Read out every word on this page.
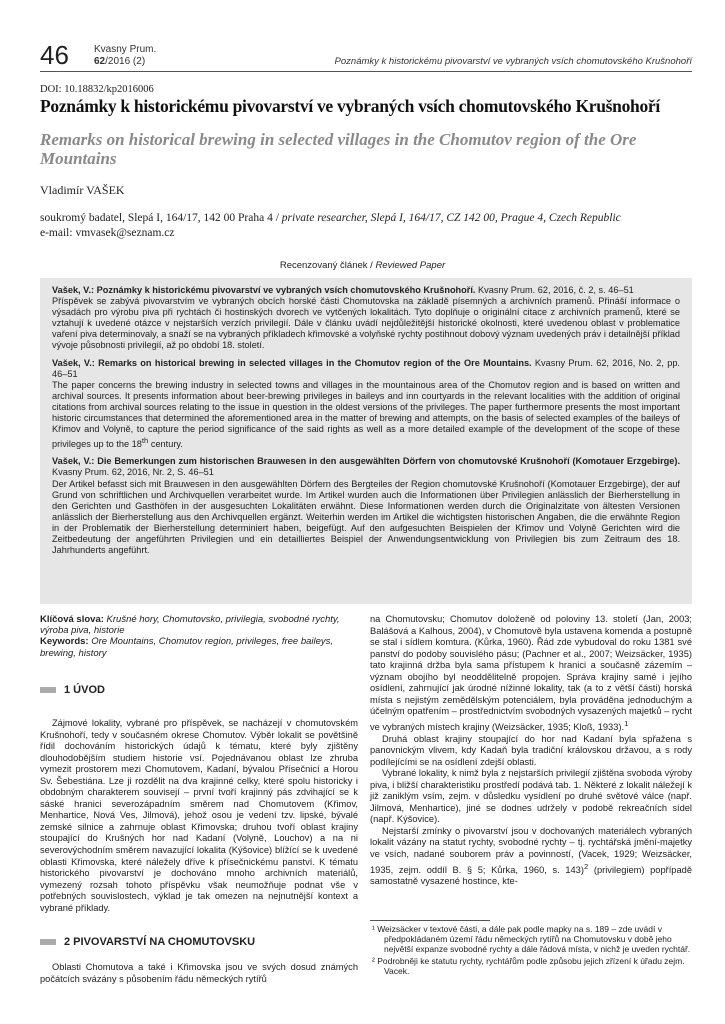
46	Kvasny Prum.
62/2016 (2)	Poznámky k historickému pivovarství ve vybraných vsích chomutovského Krušnohoří
DOI: 10.18832/kp2016006
Poznámky k historickému pivovarství ve vybraných vsích chomutovského Krušnohoří
Remarks on historical brewing in selected villages in the Chomutov region of the Ore Mountains
Vladimír VAŠEK
soukromý badatel, Slepá I, 164/17, 142 00 Praha 4 / private researcher, Slepá I, 164/17, CZ 142 00, Prague 4, Czech Republic
e-mail: vmvasek@seznam.cz
Recenzovaný článek / Reviewed Paper

Vašek, V.: Poznámky k historickému pivovarství ve vybraných vsích chomutovského Krušnohoří. Kvasny Prum. 62, 2016, č. 2, s. 46–51
Příspěvek se zabývá pivovarstvím ve vybraných obcích horské části Chomutovska na základě písemných a archivních pramenů. Přináší informace o výsadách pro výrobu piva při rychtách či hostinských dvorech ve vytčených lokalitách. Tyto doplňuje o originální citace z archivních pramenů, které se vztahují k uvedené otázce v nejstarších verzích privilegií. Dále v článku uvádí nejdůležitější historické okolnosti, které uvedenou oblast v problematice vaření piva determinovaly, a snaží se na vybraných příkladech křimovské a volyňské rychty postihnout dobový význam uvedených práv i detailnější příklad vývoje působnosti privilegií, až po období 18. století.

Vašek, V.: Remarks on historical brewing in selected villages in the Chomutov region of the Ore Mountains. Kvasny Prum. 62, 2016, No. 2, pp. 46–51
The paper concerns the brewing industry in selected towns and villages in the mountainous area of the Chomutov region and is based on written and archival sources. It presents information about beer-brewing privileges in baileys and inn courtyards in the relevant localities with the addition of original citations from archival sources relating to the issue in question in the oldest versions of the privileges. The paper furthermore presents the most important historic circumstances that determined the aforementioned area in the matter of brewing and attempts, on the basis of selected examples of the baileys of Křimov and Volyně, to capture the period significance of the said rights as well as a more detailed example of the development of the scope of these privileges up to the 18th century.

Vašek, V.: Die Bemerkungen zum historischen Brauwesen in den ausgewählten Dörfern von chomutovské Krušnohoří (Komotauer Erzgebirge). Kvasny Prum. 62, 2016, Nr. 2, S. 46–51
Der Artikel befasst sich mit Brauwesen in den ausgewählten Dörfern des Bergteiles der Region chomutovské Krušnohoří (Komotauer Erzgebirge), der auf Grund von schriftlichen und Archivquellen verarbeitet wurde. Im Artikel wurden auch die Informationen über Privilegien anlässlich der Bierherstellung in den Gerichten und Gasthöfen in der ausgesuchten Lokalitäten erwähnt. Diese Informationen werden durch die Originalzitate von ältesten Versionen anlässlich der Bierherstellung aus den Archivquellen ergänzt. Weiterhin werden im Artikel die wichtigsten historischen Angaben, die die erwähnte Region in der Problematik der Bierherstellung determiniert haben, beigefügt. Auf den aufgesuchten Beispielen der Křimov und Volyně Gerichten wird die Zeitbedeutung der angeführten Privilegien und ein detailliertes Beispiel der Anwendungsentwicklung von Privilegien bis zum Zeitraum des 18. Jahrhunderts angeführt.

Klíčová slova: Krušné hory, Chomutovsko, privilegia, svobodné rychty, výroba piva, historie
Keywords: Ore Mountains, Chomutov region, privileges, free baileys, brewing, history
1 ÚVOD

Zájmové lokality, vybrané pro příspěvek, se nacházejí v chomutovském Krušnohoří, tedy v současném okrese Chomutov. Výběr lokalit se povětšině řídil dochováním historických údajů k tématu, které byly zjištěny dlouhodobějším studiem historie vsí. Pojednávanou oblast lze zhruba vymezit prostorem mezi Chomutovem, Kadaní, bývalou Přísečnicí a Horou Sv. Šebestiána. Lze ji rozdělit na dva krajinné celky, které spolu historicky i obdobným charakterem souvisejí – první tvoří krajinný pás zdvihající se k sáské hranici severozápadním směrem nad Chomutovem (Křimov, Menhartice, Nová Ves, Jilmová), jehož osou je vedení tzv. lipské, bývalé zemské silnice a zahrnuje oblast Křimovska; druhou tvoří oblast krajiny stoupající do Krušných hor nad Kadaní (Volyně, Louchov) a na ni severovýchodním směrem navazující lokalita (Kýšovice) blížící se k uvedené oblasti Křimovska, které náležely dříve k přísečnickému panství. K tématu historického pivovarství je dochováno mnoho archivních materiálů, vymezený rozsah tohoto příspěvku však neumožňuje podnat vše v potřebných souvislostech, výklad je tak omezen na nejnutnější kontext a vybrané příklady.

2 PIVOVARSTVÍ NA CHOMUTOVSKU

Oblasti Chomutova a také i Křimovska jsou ve svých dosud známých počátcích svázány s působením řádu německých rytířů

na Chomutovsku; Chomutov doloženě od poloviny 13. století (Jan, 2003; Balášová a Kalhous, 2004), v Chomutově byla ustavena komenda a postupně se stal i sídlem komtura. (Kůrka, 1960). Řád zde vybudoval do roku 1381 své panství do podoby souvislého pásu; (Pachner et al., 2007; Weizsäcker, 1935) tato krajinná držba byla sama přístupem k hranici a současně zázemím – význam obojího byl neoddělitelně propojen. Správa krajiny samé i jejího osídlení, zahrnující jak úrodné nížinné lokality, tak (a to z větší části) horská místa s nejistým zemědělským potenciálem, byla prováděna jednoduchým a účelným opatřením – prostřednictvím svobodných vysazených majetků – rycht ve vybraných místech krajiny (Weizsäcker, 1935; Kloß, 1933).$^1$

Druhá oblast krajiny stoupající do hor nad Kadaní byla spřažena s panovnickým vlivem, kdy Kadaň byla tradiční královskou državou, a s rody podílejícími se na osídlení zdejší oblasti.

Vybrané lokality, k nimž byla z nejstarších privilegií zjištěna svoboda výroby piva, i bližší charakteristiku prostředí podává tab. 1. Některé z lokalit náležejí k již zaniklým vsím, zejm. v důsledku vysídlení po druhé světové válce (např. Jilmová, Menhartice), jiné se dodnes udržely v podobě rekreačních sídel (např. Kýšovice).

Nejstarší zmínky o pivovarství jsou v dochovaných materiálech vybraných lokalit vázány na statut rychty, svobodné rychty – tj. rychtářská jmění-majetky ve vsích, nadané souborem práv a povinností, (Vacek, 1929; Weizsäcker, 1935, zejm. oddíl B. § 5; Kůrka, 1960, s. 143)$^2$ (privilegiem) popřípadě samostatně vysazené hostince, kte-

¹ Weizsäcker v textové části, a dále pak podle mapky na s. 189 – zde uvádí v předpokládaném území řádu německých rytířů na Chomutovsku v době jeho největší expanze svobodné rychty a dále řádová místa, v nichž je uveden rychtář.
² Podrobněji ke statutu rychty, rychtářům podle způsobu jejich zřízení k úřadu zejm. Vacek.
